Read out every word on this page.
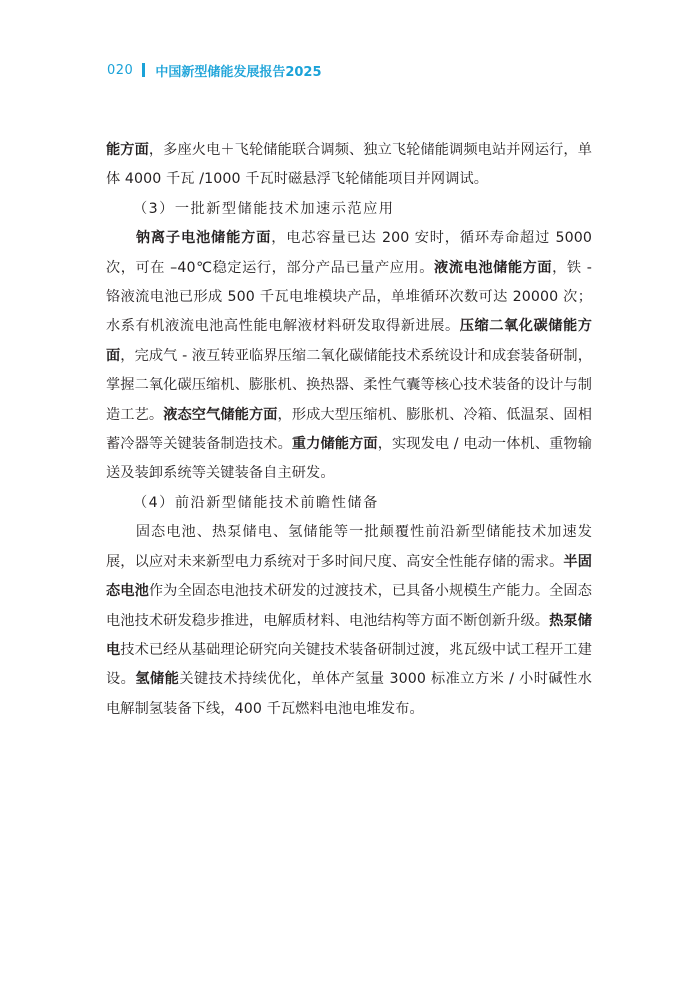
020 中国新型储能发展报告2025

能方面，多座火电＋飞轮储能联合调频、独立飞轮储能调频电站并网运行，单体 4000 千瓦 /1000 千瓦时磁悬浮飞轮储能项目并网调试。

（3）一批新型储能技术加速示范应用

钠离子电池储能方面，电芯容量已达 200 安时，循环寿命超过 5000 次，可在 –40℃稳定运行，部分产品已量产应用。液流电池储能方面，铁 - 铬液流电池已形成 500 千瓦电堆模块产品，单堆循环次数可达 20000 次；水系有机液流电池高性能电解液材料研发取得新进展。压缩二氧化碳储能方面，完成气 - 液互转亚临界压缩二氧化碳储能技术系统设计和成套装备研制，掌握二氧化碳压缩机、膨胀机、换热器、柔性气囊等核心技术装备的设计与制造工艺。液态空气储能方面，形成大型压缩机、膨胀机、冷箱、低温泵、固相蓄冷器等关键装备制造技术。重力储能方面，实现发电 / 电动一体机、重物输送及装卸系统等关键装备自主研发。

（4）前沿新型储能技术前瞻性储备

固态电池、热泵储电、氢储能等一批颠覆性前沿新型储能技术加速发展，以应对未来新型电力系统对于多时间尺度、高安全性能存储的需求。半固态电池作为全固态电池技术研发的过渡技术，已具备小规模生产能力。全固态电池技术研发稳步推进，电解质材料、电池结构等方面不断创新升级。热泵储电技术已经从基础理论研究向关键技术装备研制过渡，兆瓦级中试工程开工建设。氢储能关键技术持续优化，单体产氢量 3000 标准立方米 / 小时碱性水电解制氢装备下线，400 千瓦燃料电池电堆发布。
